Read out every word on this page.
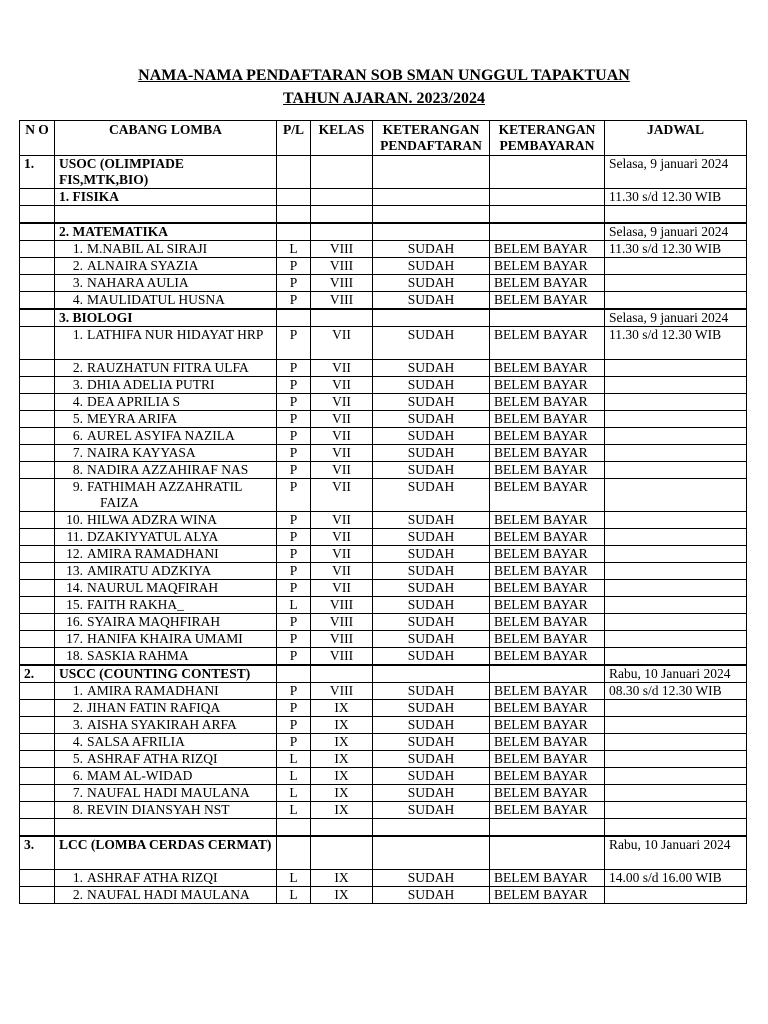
NAMA-NAMA PENDAFTARAN SOB SMAN UNGGUL TAPAKTUAN
TAHUN AJARAN. 2023/2024
N O	CABANG LOMBA	P/L	KELAS	KETERANGAN PENDAFTARAN	KETERANGAN PEMBAYARAN	JADWAL
1.	USOC (OLIMPIADE FIS,MTK,BIO)					Selasa, 9 januari 2024
	1. FISIKA					11.30 s/d 12.30 WIB

	2. MATEMATIKA					Selasa, 9 januari 2024
	1. M.NABIL AL SIRAJI	L	VIII	SUDAH	BELEM BAYAR	11.30 s/d 12.30 WIB
	2. ALNAIRA SYAZIA	P	VIII	SUDAH	BELEM BAYAR	
	3. NAHARA AULIA	P	VIII	SUDAH	BELEM BAYAR	
	4. MAULIDATUL HUSNA	P	VIII	SUDAH	BELEM BAYAR	
	3. BIOLOGI					Selasa, 9 januari 2024

	1. LATHIFA NUR HIDAYAT HRP	P	VII	SUDAH	BELEM BAYAR	11.30 s/d 12.30 WIB
	2. RAUZHATUN FITRA ULFA	P	VII	SUDAH	BELEM BAYAR	
	3. DHIA ADELIA PUTRI	P	VII	SUDAH	BELEM BAYAR	
	4. DEA APRILIA S	P	VII	SUDAH	BELEM BAYAR	
	5. MEYRA ARIFA	P	VII	SUDAH	BELEM BAYAR	
	6. AUREL ASYIFA NAZILA	P	VII	SUDAH	BELEM BAYAR	
	7. NAIRA KAYYASA	P	VII	SUDAH	BELEM BAYAR	
	8. NADIRA AZZAHIRAF NAS	P	VII	SUDAH	BELEM BAYAR	

	9. FATHIMAH AZZAHRATIL FAIZA	P	VII	SUDAH	BELEM BAYAR	
	10. HILWA ADZRA WINA	P	VII	SUDAH	BELEM BAYAR	
	11. DZAKIYYATUL ALYA	P	VII	SUDAH	BELEM BAYAR	
	12. AMIRA RAMADHANI	P	VII	SUDAH	BELEM BAYAR	
	13. AMIRATU ADZKIYA	P	VII	SUDAH	BELEM BAYAR	
	14. NAURUL MAQFIRAH	P	VII	SUDAH	BELEM BAYAR	
	15. FAITH RAKHA_	L	VIII	SUDAH	BELEM BAYAR	
	16. SYAIRA MAQHFIRAH	P	VIII	SUDAH	BELEM BAYAR	
	17. HANIFA KHAIRA UMAMI	P	VIII	SUDAH	BELEM BAYAR	
	18. SASKIA RAHMA	P	VIII	SUDAH	BELEM BAYAR	
2.	USCC (COUNTING CONTEST)					Rabu, 10 Januari 2024
	1. AMIRA RAMADHANI	P	VIII	SUDAH	BELEM BAYAR	08.30 s/d 12.30 WIB
	2. JIHAN FATIN RAFIQA	P	IX	SUDAH	BELEM BAYAR	
	3. AISHA SYAKIRAH ARFA	P	IX	SUDAH	BELEM BAYAR	
	4. SALSA AFRILIA	P	IX	SUDAH	BELEM BAYAR	
	5. ASHRAF ATHA RIZQI	L	IX	SUDAH	BELEM BAYAR	
	6. MAM AL-WIDAD	L	IX	SUDAH	BELEM BAYAR	
	7. NAUFAL HADI MAULANA	L	IX	SUDAH	BELEM BAYAR	
	8. REVIN DIANSYAH NST	L	IX	SUDAH	BELEM BAYAR	

3.	LCC (LOMBA CERDAS CERMAT)					Rabu, 10 Januari 2024
	1. ASHRAF ATHA RIZQI	L	IX	SUDAH	BELEM BAYAR	14.00 s/d 16.00 WIB
	2. NAUFAL HADI MAULANA	L	IX	SUDAH	BELEM BAYAR	
